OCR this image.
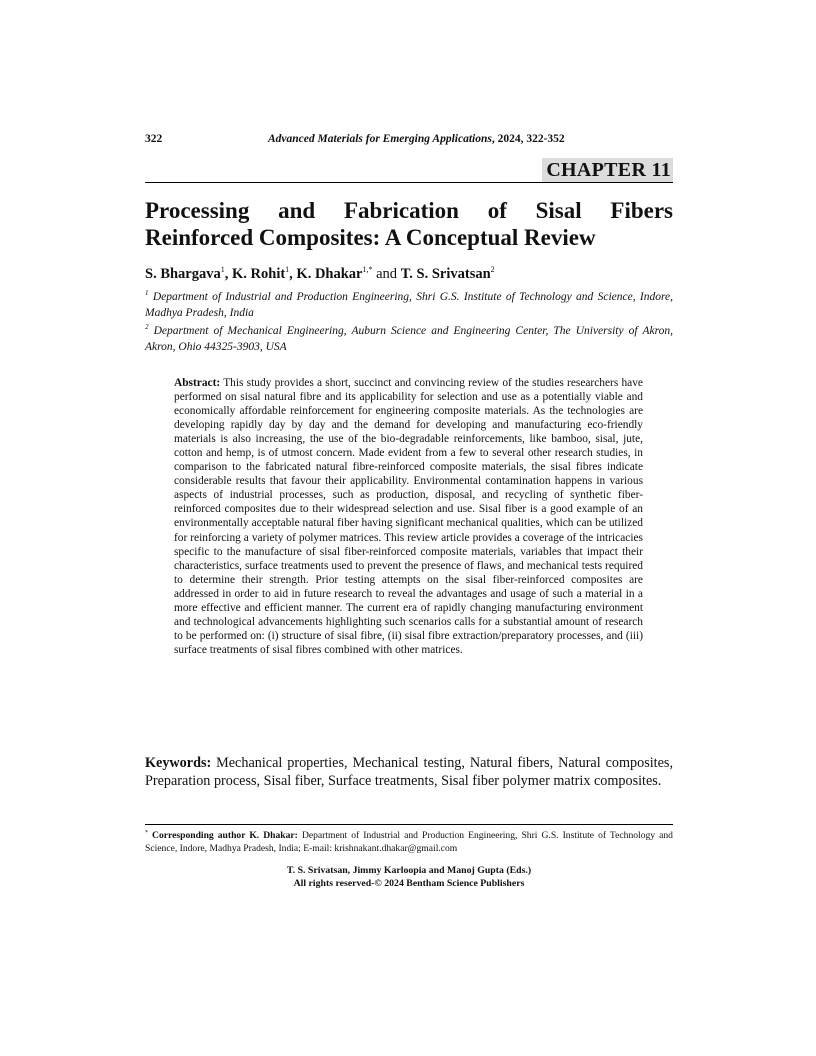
322	Advanced Materials for Emerging Applications, 2024, 322-352
CHAPTER 11
Processing and Fabrication of Sisal Fibers
Reinforced Composites: A Conceptual Review
S. Bhargava$^1$, K. Rohit$^1$, K. Dhakar$^{1,*}$ and T. S. Srivatsan$^2$
$^1$ Department of Industrial and Production Engineering, Shri G.S. Institute of Technology and Science, Indore, Madhya Pradesh, India
$^2$ Department of Mechanical Engineering, Auburn Science and Engineering Center, The University of Akron, Akron, Ohio 44325-3903, USA
Abstract: This study provides a short, succinct and convincing review of the studies researchers have performed on sisal natural fibre and its applicability for selection and use as a potentially viable and economically affordable reinforcement for engineering composite materials. As the technologies are developing rapidly day by day and the demand for developing and manufacturing eco-friendly materials is also increasing, the use of the bio-degradable reinforcements, like bamboo, sisal, jute, cotton and hemp, is of utmost concern. Made evident from a few to several other research studies, in comparison to the fabricated natural fibre-reinforced composite materials, the sisal fibres indicate considerable results that favour their applicability. Environmental contamination happens in various aspects of industrial processes, such as production, disposal, and recycling of synthetic fiber-reinforced composites due to their widespread selection and use. Sisal fiber is a good example of an environmentally acceptable natural fiber having significant mechanical qualities, which can be utilized for reinforcing a variety of polymer matrices. This review article provides a coverage of the intricacies specific to the manufacture of sisal fiber-reinforced composite materials, variables that impact their characteristics, surface treatments used to prevent the presence of flaws, and mechanical tests required to determine their strength. Prior testing attempts on the sisal fiber-reinforced composites are addressed in order to aid in future research to reveal the advantages and usage of such a material in a more effective and efficient manner. The current era of rapidly changing manufacturing environment and technological advancements highlighting such scenarios calls for a substantial amount of research to be performed on: (i) structure of sisal fibre, (ii) sisal fibre extraction/preparatory processes, and (iii) surface treatments of sisal fibres combined with other matrices.
Keywords: Mechanical properties, Mechanical testing, Natural fibers, Natural composites, Preparation process, Sisal fiber, Surface treatments, Sisal fiber polymer matrix composites.
* Corresponding author K. Dhakar: Department of Industrial and Production Engineering, Shri G.S. Institute of Technology and Science, Indore, Madhya Pradesh, India; E-mail: krishnakant.dhakar@gmail.com
T. S. Srivatsan, Jimmy Karloopia and Manoj Gupta (Eds.)
All rights reserved-© 2024 Bentham Science Publishers
